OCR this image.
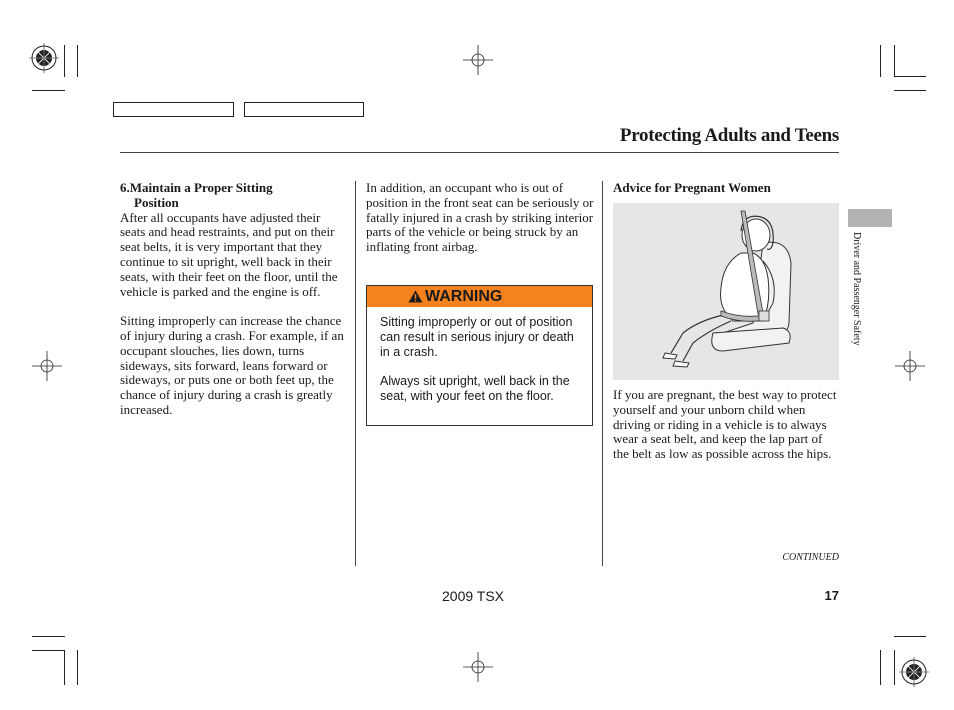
Protecting Adults and Teens

6.Maintain a Proper Sitting

Position

After all occupants have adjusted their seats and head restraints, and put on their seat belts, it is very important that they continue to sit upright, well back in their seats, with their feet on the floor, until the vehicle is parked and the engine is off.

Sitting improperly can increase the chance of injury during a crash. For example, if an occupant slouches, lies down, turns sideways, sits forward, leans forward or sideways, or puts one or both feet up, the chance of injury during a crash is greatly increased.

In addition, an occupant who is out of position in the front seat can be seriously or fatally injured in a crash by striking interior parts of the vehicle or being struck by an inflating front airbag.

WARNING
Sitting improperly or out of position can result in serious injury or death in a crash.
Always sit upright, well back in the seat, with your feet on the floor.

Advice for Pregnant Women

If you are pregnant, the best way to protect yourself and your unborn child when driving or riding in a vehicle is to always wear a seat belt, and keep the lap part of the belt as low as possible across the hips.

Driver and Passenger Safety
CONTINUED
2009 TSX	17
